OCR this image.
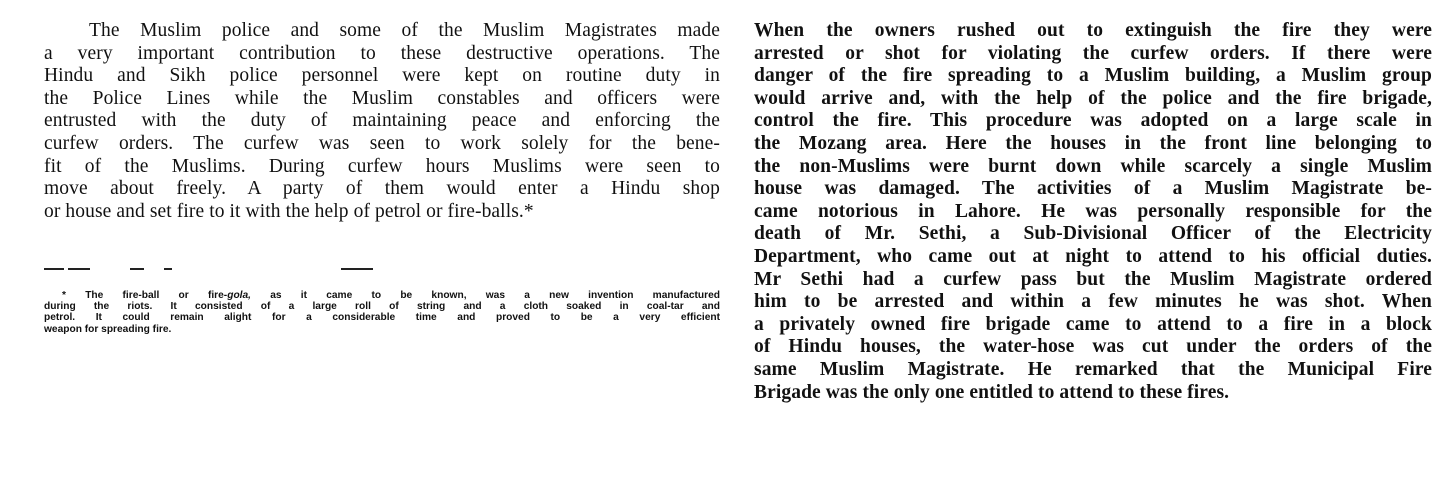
The Muslim police and some of the Muslim Magistrates made
a very important contribution to these destructive operations. The
Hindu and Sikh police personnel were kept on routine duty in
the Police Lines while the Muslim constables and officers were
entrusted with the duty of maintaining peace and enforcing the
curfew orders. The curfew was seen to work solely for the bene-
fit of the Muslims. During curfew hours Muslims were seen to
move about freely. A party of them would enter a Hindu shop
or house and set fire to it with the help of petrol or fire-balls.*
* The fire-ball or fire-gola, as it came to be known, was a new invention manufactured
during the riots. It consisted of a large roll of string and a cloth soaked in coal-tar and
petrol. It could remain alight for a considerable time and proved to be a very efficient
weapon for spreading fire.
When the owners rushed out to extinguish the fire they were
arrested or shot for violating the curfew orders. If there were
danger of the fire spreading to a Muslim building, a Muslim group
would arrive and, with the help of the police and the fire brigade,
control the fire. This procedure was adopted on a large scale in
the Mozang area. Here the houses in the front line belonging to
the non-Muslims were burnt down while scarcely a single Muslim
house was damaged. The activities of a Muslim Magistrate be-
came notorious in Lahore. He was personally responsible for the
death of Mr. Sethi, a Sub-Divisional Officer of the Electricity
Department, who came out at night to attend to his official duties.
Mr Sethi had a curfew pass but the Muslim Magistrate ordered
him to be arrested and within a few minutes he was shot. When
a privately owned fire brigade came to attend to a fire in a block
of Hindu houses, the water-hose was cut under the orders of the
same Muslim Magistrate. He remarked that the Municipal Fire
Brigade was the only one entitled to attend to these fires.
